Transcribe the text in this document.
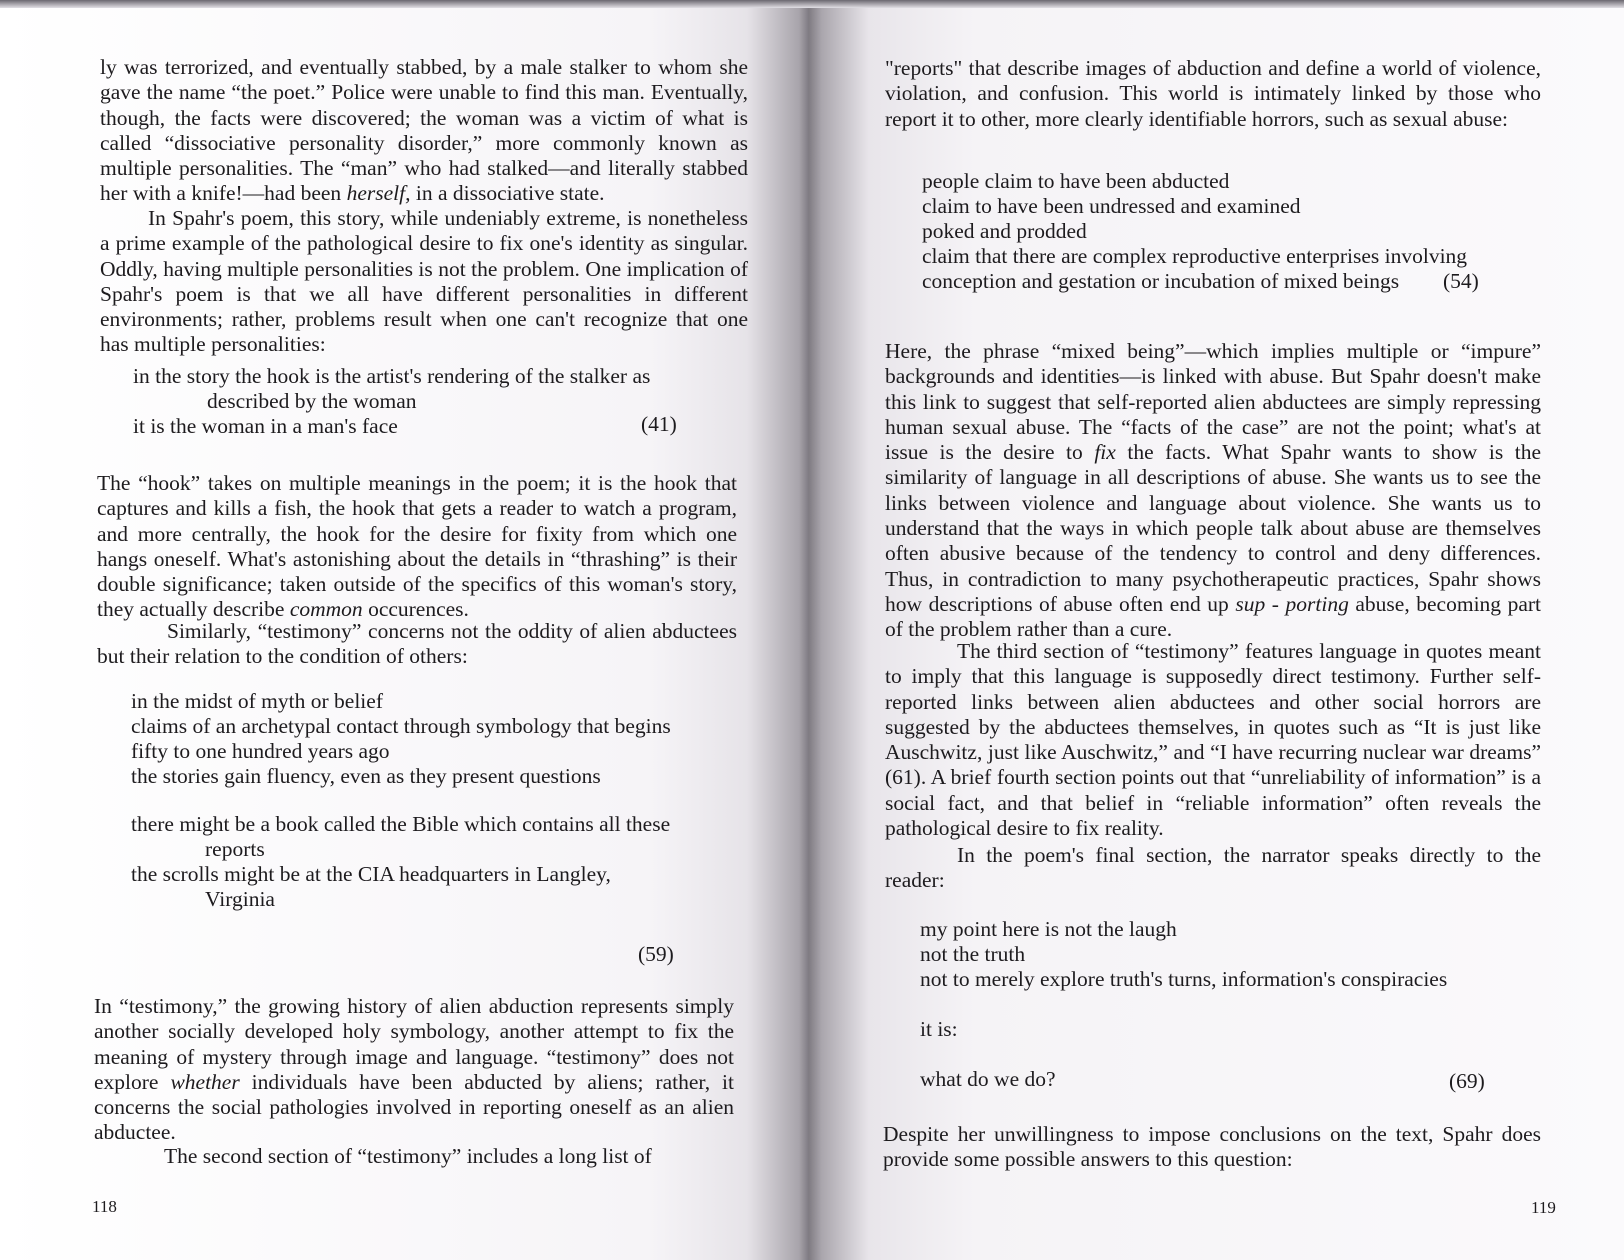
ly was terrorized, and eventually stabbed, by a male stalker to whom she gave the name “the poet.” Police were unable to find this man. Eventually, though, the facts were discovered; the woman was a victim of what is called “dissociative personality disorder,” more commonly known as multiple personalities. The “man” who had stalked—and literally stabbed her with a knife!—had been herself, in a dissociative state.

In Spahr's poem, this story, while undeniably extreme, is nonetheless a prime example of the pathological desire to fix one's identity as singular. Oddly, having multiple personalities is not the problem. One implication of Spahr's poem is that we all have different personalities in different environments; rather, problems result when one can't recognize that one has multiple personalities:

in the story the hook is the artist's rendering of the stalker as
described by the woman
it is the woman in a man's face	(41)

The “hook” takes on multiple meanings in the poem; it is the hook that captures and kills a fish, the hook that gets a reader to watch a program, and more centrally, the hook for the desire for fixity from which one hangs oneself. What's astonishing about the details in “thrashing” is their double significance; taken outside of the specifics of this woman's story, they actually describe common occurences.

Similarly, “testimony” concerns not the oddity of alien abductees but their relation to the condition of others:

in the midst of myth or belief
claims of an archetypal contact through symbology that begins
fifty to one hundred years ago
the stories gain fluency, even as they present questions
there might be a book called the Bible which contains all these
reports
the scrolls might be at the CIA headquarters in Langley,
Virginia
(59)

In “testimony,” the growing history of alien abduction represents simply another socially developed holy symbology, another attempt to fix the meaning of mystery through image and language. “testimony” does not explore whether individuals have been abducted by aliens; rather, it concerns the social pathologies involved in reporting oneself as an alien abductee.

The second section of “testimony” includes a long list of

118

"reports" that describe images of abduction and define a world of violence, violation, and confusion. This world is intimately linked by those who report it to other, more clearly identifiable horrors, such as sexual abuse:

people claim to have been abducted
claim to have been undressed and examined
poked and prodded
claim that there are complex reproductive enterprises involving
conception and gestation or incubation of mixed beings	(54)

Here, the phrase “mixed being”—which implies multiple or “impure” backgrounds and identities—is linked with abuse. But Spahr doesn't make this link to suggest that self-reported alien abductees are simply repressing human sexual abuse. The “facts of the case” are not the point; what's at issue is the desire to fix the facts. What Spahr wants to show is the similarity of language in all descriptions of abuse. She wants us to see the links between violence and language about violence. She wants us to understand that the ways in which people talk about abuse are themselves often abusive because of the tendency to control and deny differences. Thus, in contradiction to many psychotherapeutic practices, Spahr shows how descriptions of abuse often end up sup - porting abuse, becoming part of the problem rather than a cure.

The third section of “testimony” features language in quotes meant to imply that this language is supposedly direct testimony. Further self-reported links between alien abductees and other social horrors are suggested by the abductees themselves, in quotes such as “It is just like Auschwitz, just like Auschwitz,” and “I have recurring nuclear war dreams” (61). A brief fourth section points out that “unreliability of information” is a social fact, and that belief in “reliable information” often reveals the pathological desire to fix reality.

In the poem's final section, the narrator speaks directly to the reader:

my point here is not the laugh
not the truth
not to merely explore truth's turns, information's conspiracies
it is:
what do we do?	(69)

Despite her unwillingness to impose conclusions on the text, Spahr does provide some possible answers to this question:

119
